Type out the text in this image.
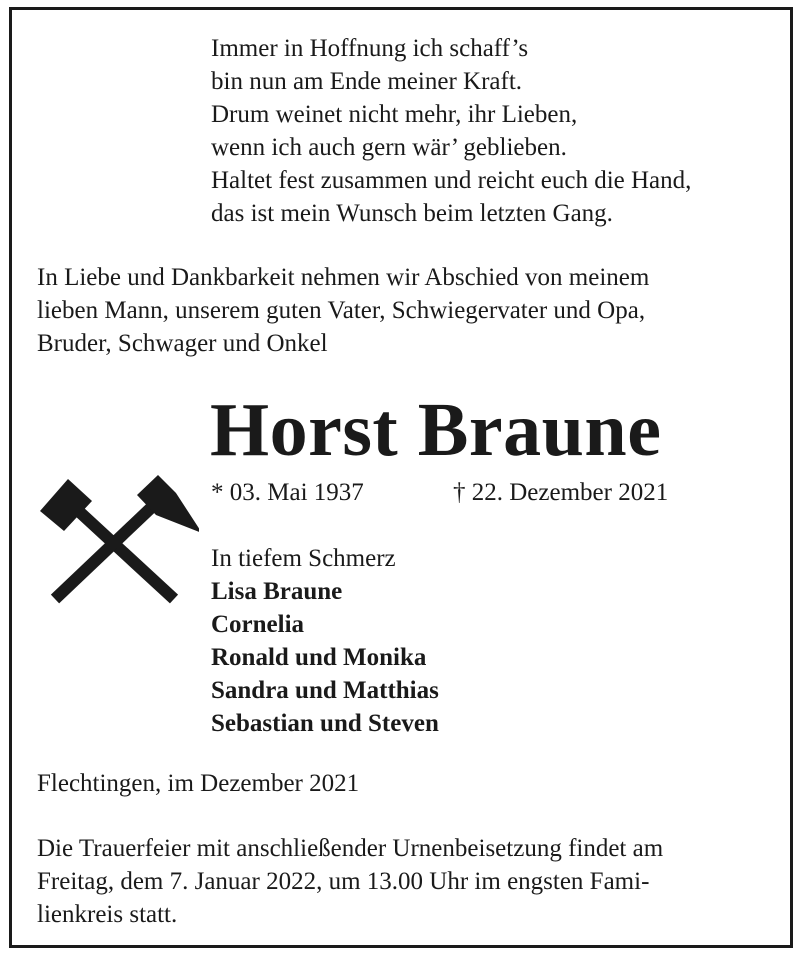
Immer in Hoffnung ich schaff’s
bin nun am Ende meiner Kraft.
Drum weinet nicht mehr, ihr Lieben,
wenn ich auch gern wär’ geblieben.
Haltet fest zusammen und reicht euch die Hand,
das ist mein Wunsch beim letzten Gang.
In Liebe und Dankbarkeit nehmen wir Abschied von meinem
lieben Mann, unserem guten Vater, Schwiegervater und Opa,
Bruder, Schwager und Onkel
Horst Braune
* 03. Mai 1937	† 22. Dezember 2021
In tiefem Schmerz
Lisa Braune
Cornelia
Ronald und Monika
Sandra und Matthias
Sebastian und Steven
Flechtingen, im Dezember 2021
Die Trauerfeier mit anschließender Urnenbeisetzung findet am
Freitag, dem 7. Januar 2022, um 13.00 Uhr im engsten Fami-
lienkreis statt.
